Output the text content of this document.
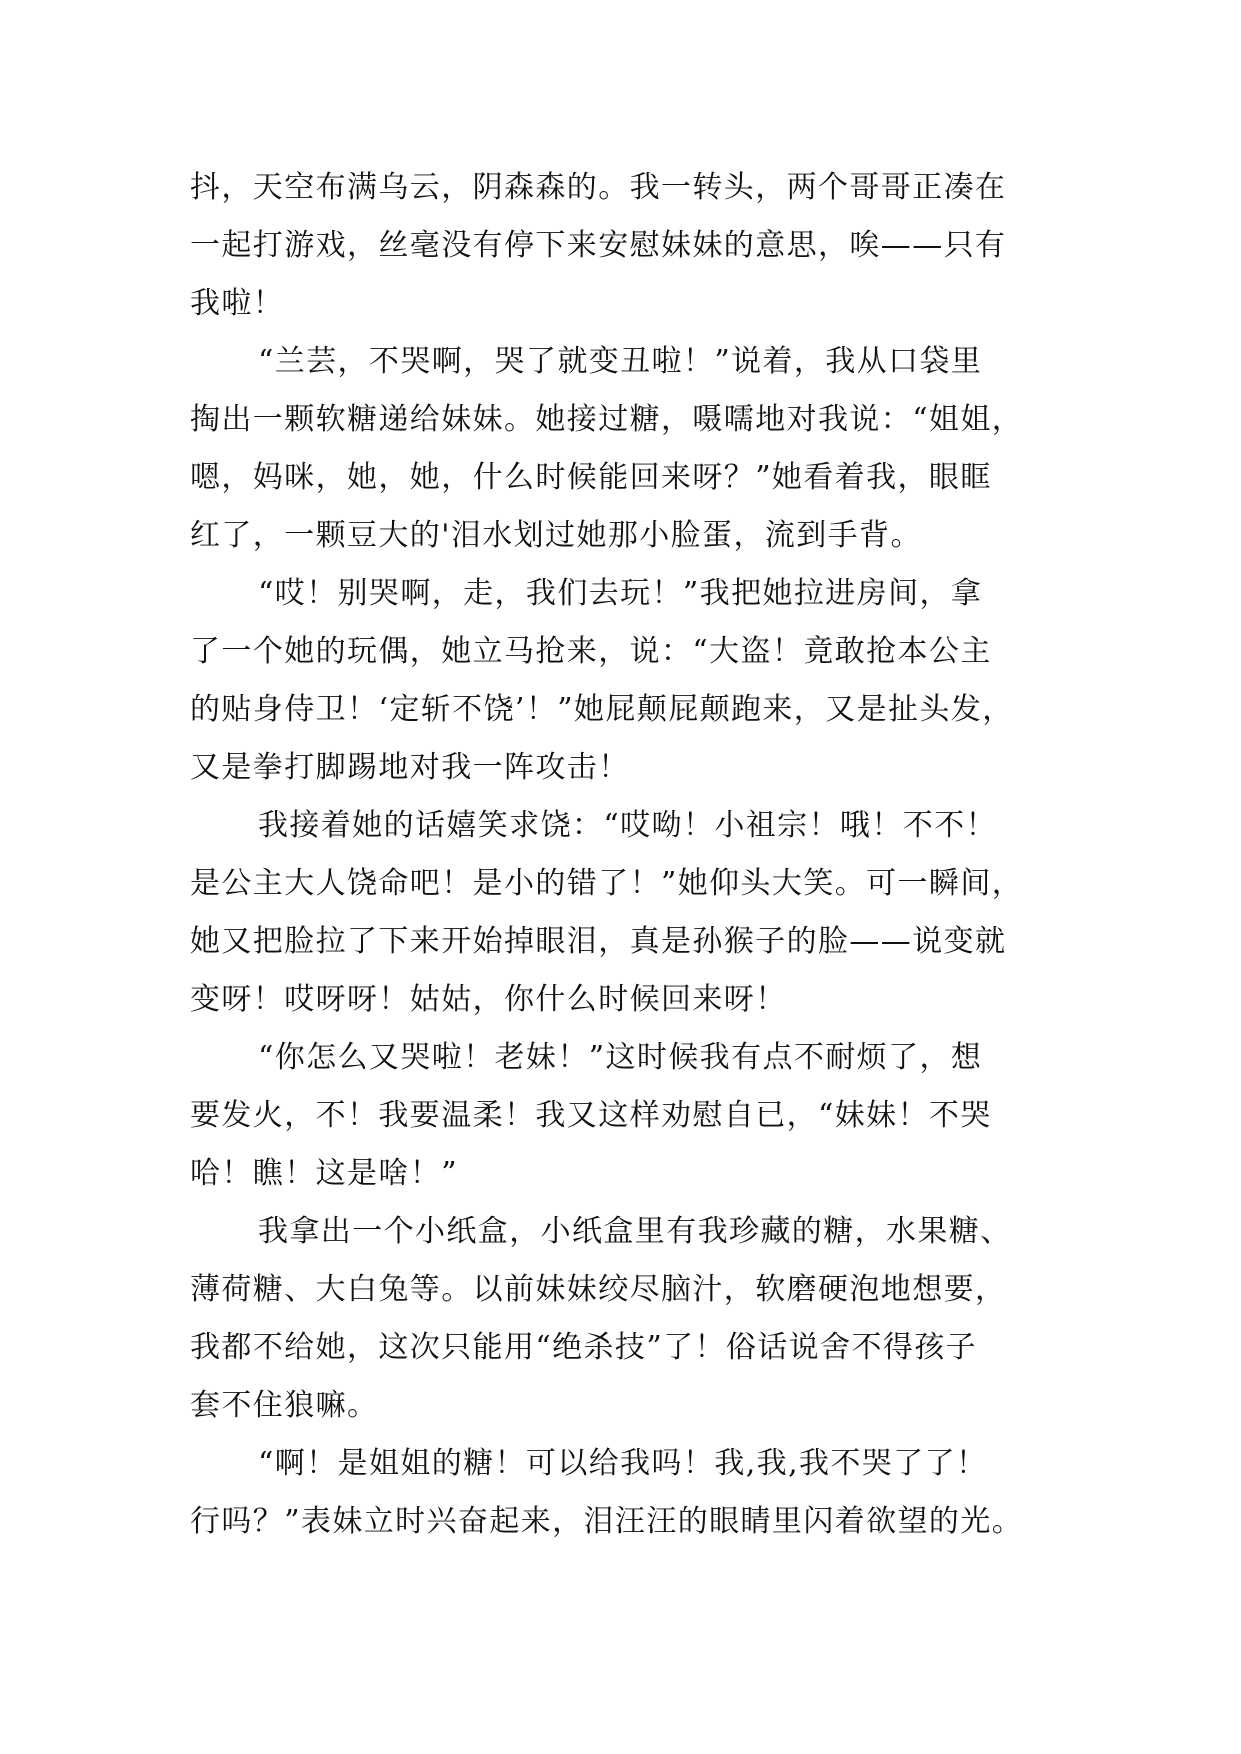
抖，天空布满乌云，阴森森的。我一转头，两个哥哥正凑在
一起打游戏，丝毫没有停下来安慰妹妹的意思，唉——只有
我啦！
“兰芸，不哭啊，哭了就变丑啦！”说着，我从口袋里
掏出一颗软糖递给妹妹。她接过糖，嗫嚅地对我说：“姐姐，
嗯，妈咪，她，她，什么时候能回来呀？”她看着我，眼眶
红了，一颗豆大的'泪水划过她那小脸蛋，流到手背。
“哎！别哭啊，走，我们去玩！”我把她拉进房间，拿
了一个她的玩偶，她立马抢来，说：“大盗！竟敢抢本公主
的贴身侍卫！‘定斩不饶’！”她屁颠屁颠跑来，又是扯头发，
又是拳打脚踢地对我一阵攻击！
我接着她的话嬉笑求饶：“哎呦！小祖宗！哦！不不！
是公主大人饶命吧！是小的错了！”她仰头大笑。可一瞬间，
她又把脸拉了下来开始掉眼泪，真是孙猴子的脸——说变就
变呀！哎呀呀！姑姑，你什么时候回来呀！
“你怎么又哭啦！老妹！”这时候我有点不耐烦了，想
要发火，不！我要温柔！我又这样劝慰自已，“妹妹！不哭
哈！瞧！这是啥！”
我拿出一个小纸盒，小纸盒里有我珍藏的糖，水果糖、
薄荷糖、大白兔等。以前妹妹绞尽脑汁，软磨硬泡地想要，
我都不给她，这次只能用“绝杀技”了！俗话说舍不得孩子
套不住狼嘛。
“啊！是姐姐的糖！可以给我吗！我,我,我不哭了了！
行吗？”表妹立时兴奋起来，泪汪汪的眼睛里闪着欲望的光。
